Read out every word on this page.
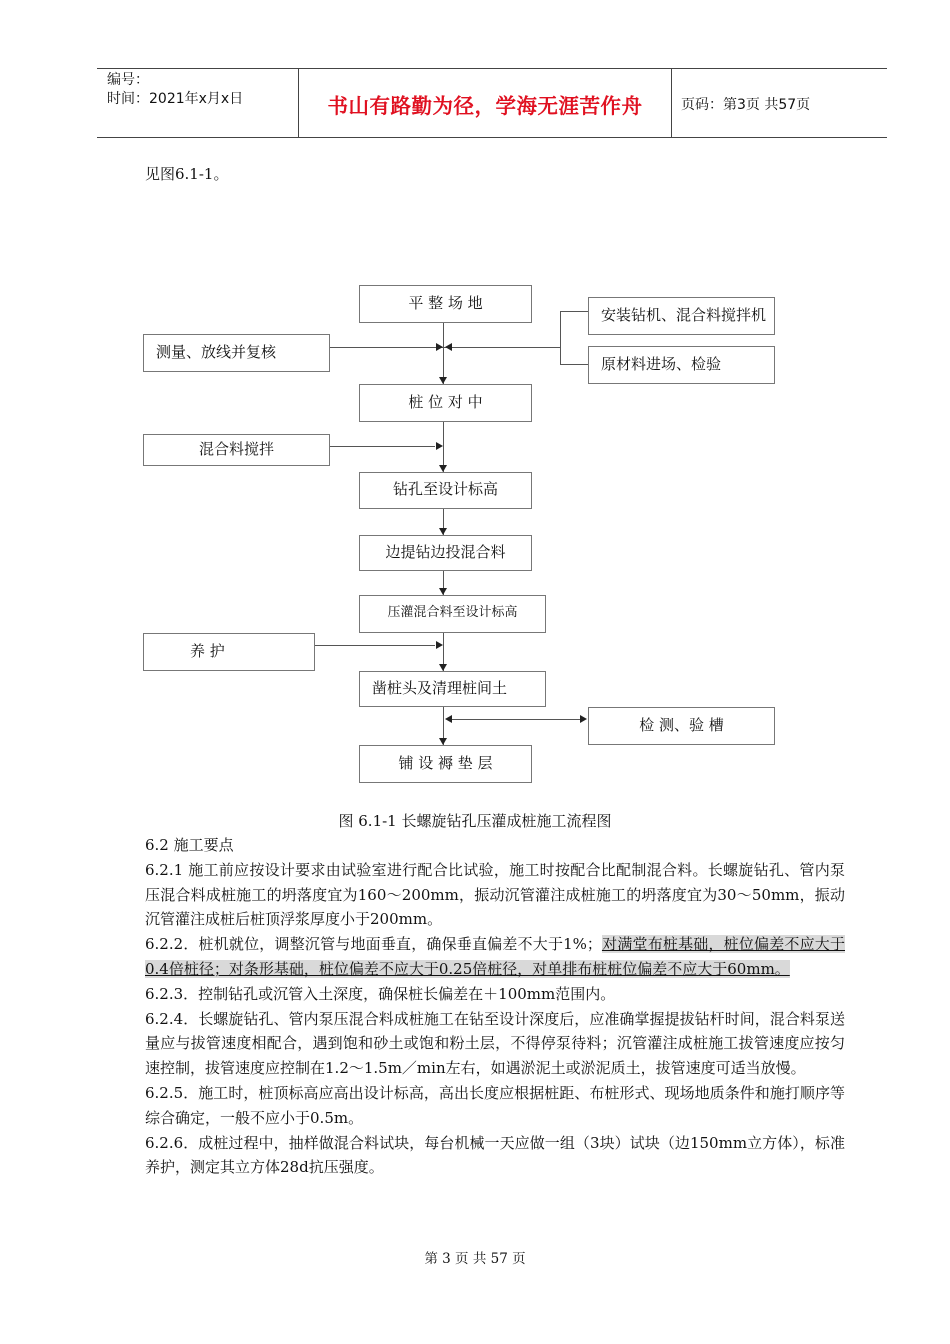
编号：
时间：2021年x月x日	书山有路勤为径，学海无涯苦作舟	页码：第3页 共57页
见图6.1-1。
平 整 场 地
桩 位 对 中
钻孔至设计标高
边提钻边投混合料
压灌混合料至设计标高
凿桩头及清理桩间土
铺 设 褥 垫 层
测量、放线并复核
混合料搅拌
养 护
安装钻机、混合料搅拌机
原材料进场、检验
检 测、验 槽
图 6.1-1 长螺旋钻孔压灌成桩施工流程图

6.2 施工要点

6.2.1 施工前应按设计要求由试验室进行配合比试验，施工时按配合比配制混合料。长螺旋钻孔、管内泵压混合料成桩施工的坍落度宜为160～200mm，振动沉管灌注成桩施工的坍落度宜为30～50mm，振动沉管灌注成桩后桩顶浮浆厚度小于200mm。

6.2.2．桩机就位，调整沉管与地面垂直，确保垂直偏差不大于1%；对满堂布桩基础，桩位偏差不应大于0.4倍桩径；对条形基础，桩位偏差不应大于0.25倍桩径，对单排布桩桩位偏差不应大于60mm。

6.2.3．控制钻孔或沉管入土深度，确保桩长偏差在＋100mm范围内。

6.2.4．长螺旋钻孔、管内泵压混合料成桩施工在钻至设计深度后，应准确掌握提拔钻杆时间，混合料泵送量应与拔管速度相配合，遇到饱和砂土或饱和粉土层，不得停泵待料；沉管灌注成桩施工拔管速度应按匀速控制，拔管速度应控制在1.2～1.5m／min左右，如遇淤泥土或淤泥质土，拔管速度可适当放慢。

6.2.5．施工时，桩顶标高应高出设计标高，高出长度应根据桩距、布桩形式、现场地质条件和施打顺序等综合确定，一般不应小于0.5m。

6.2.6．成桩过程中，抽样做混合料试块，每台机械一天应做一组（3块）试块（边150mm立方体），标准养护，测定其立方体28d抗压强度。

第 3 页 共 57 页
